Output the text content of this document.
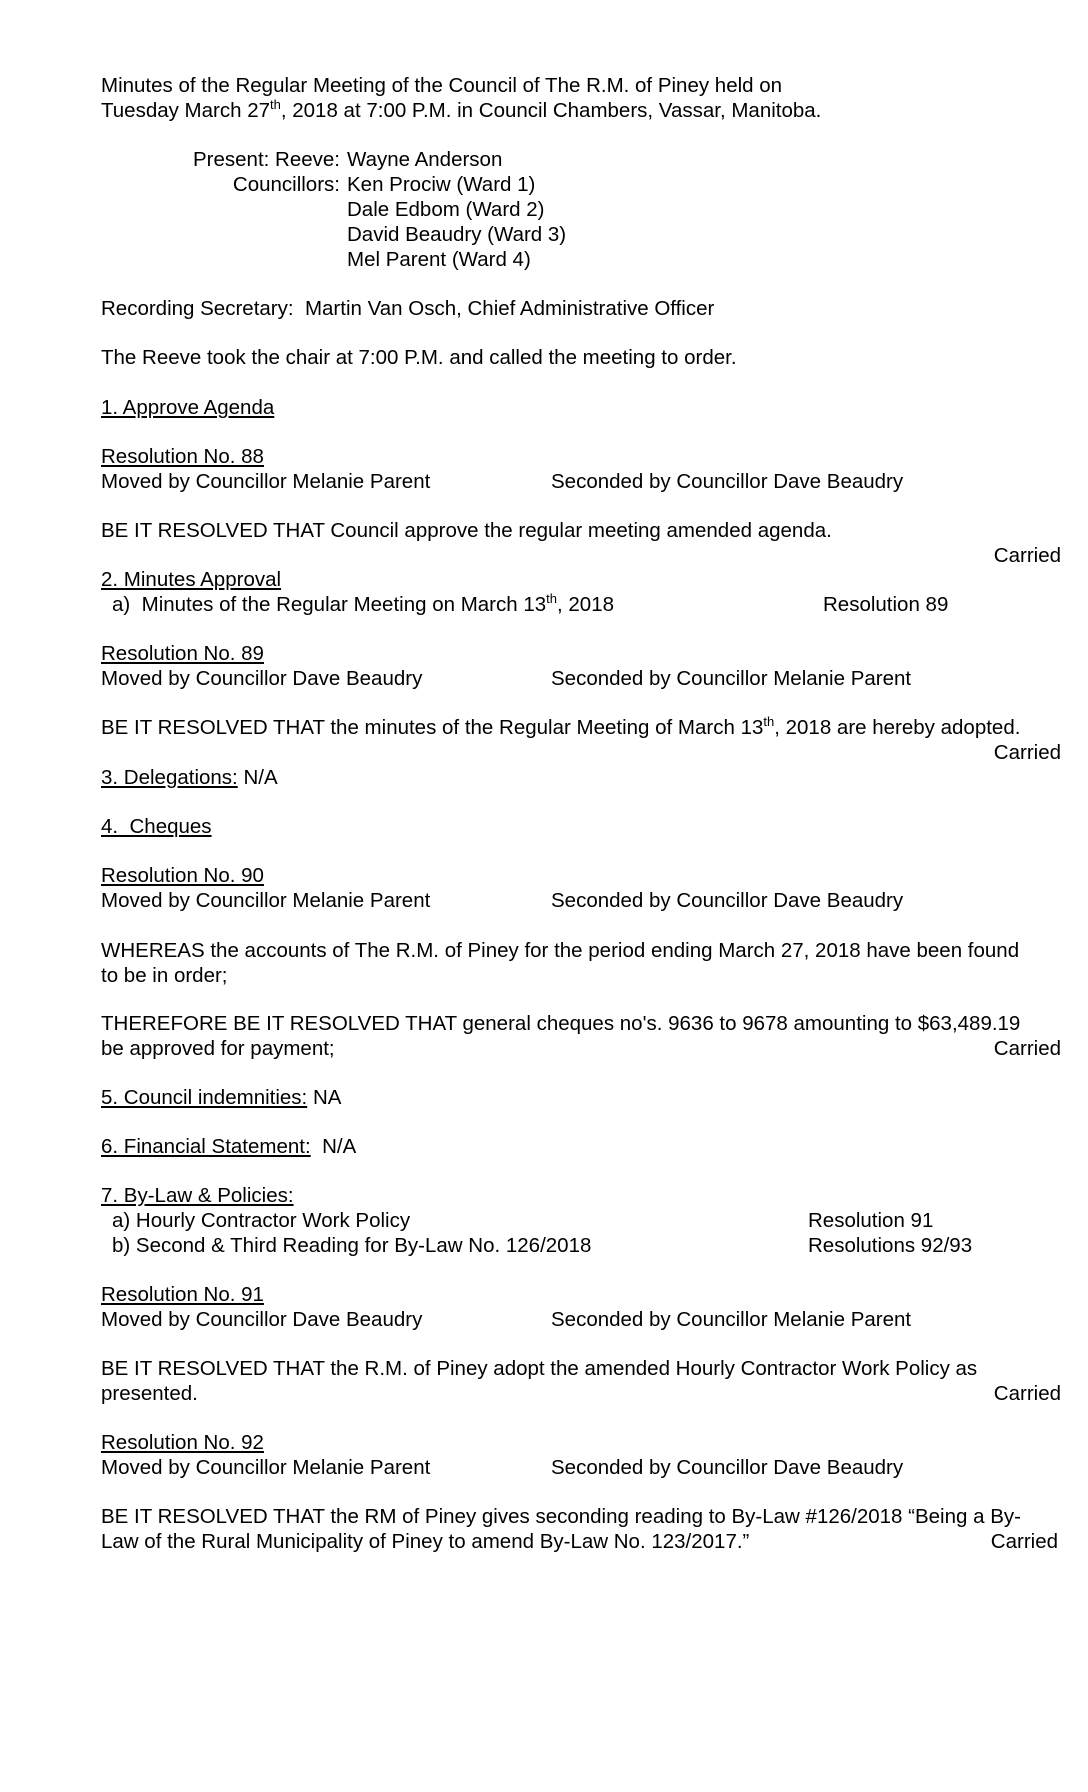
Minutes of the Regular Meeting of the Council of The R.M. of Piney held on
Tuesday March 27th, 2018 at 7:00 P.M. in Council Chambers, Vassar, Manitoba.
Present: Reeve: Wayne Anderson
Councillors: Ken Prociw (Ward 1)
Dale Edbom (Ward 2)
David Beaudry (Ward 3)
Mel Parent (Ward 4)
Recording Secretary:  Martin Van Osch, Chief Administrative Officer
The Reeve took the chair at 7:00 P.M. and called the meeting to order.
1. Approve Agenda
Resolution No. 88
Moved by Councillor Melanie Parent	Seconded by Councillor Dave Beaudry
BE IT RESOLVED THAT Council approve the regular meeting amended agenda.
Carried
2. Minutes Approval
a)  Minutes of the Regular Meeting on March 13th, 2018	Resolution 89
Resolution No. 89
Moved by Councillor Dave Beaudry	Seconded by Councillor Melanie Parent
BE IT RESOLVED THAT the minutes of the Regular Meeting of March 13th, 2018 are hereby adopted.
Carried
3. Delegations: N/A
4.  Cheques
Resolution No. 90
Moved by Councillor Melanie Parent	Seconded by Councillor Dave Beaudry
WHEREAS the accounts of The R.M. of Piney for the period ending March 27, 2018 have been found
to be in order;
THEREFORE BE IT RESOLVED THAT general cheques no's. 9636 to 9678 amounting to $63,489.19
be approved for payment;	Carried
5. Council indemnities: NA
6. Financial Statement:  N/A
7. By-Law & Policies:
a) Hourly Contractor Work Policy	Resolution 91
b) Second & Third Reading for By-Law No. 126/2018	Resolutions 92/93
Resolution No. 91
Moved by Councillor Dave Beaudry	Seconded by Councillor Melanie Parent
BE IT RESOLVED THAT the R.M. of Piney adopt the amended Hourly Contractor Work Policy as
presented.	Carried
Resolution No. 92
Moved by Councillor Melanie Parent	Seconded by Councillor Dave Beaudry
BE IT RESOLVED THAT the RM of Piney gives seconding reading to By-Law #126/2018 “Being a By-
Law of the Rural Municipality of Piney to amend By-Law No. 123/2017.”	Carried
